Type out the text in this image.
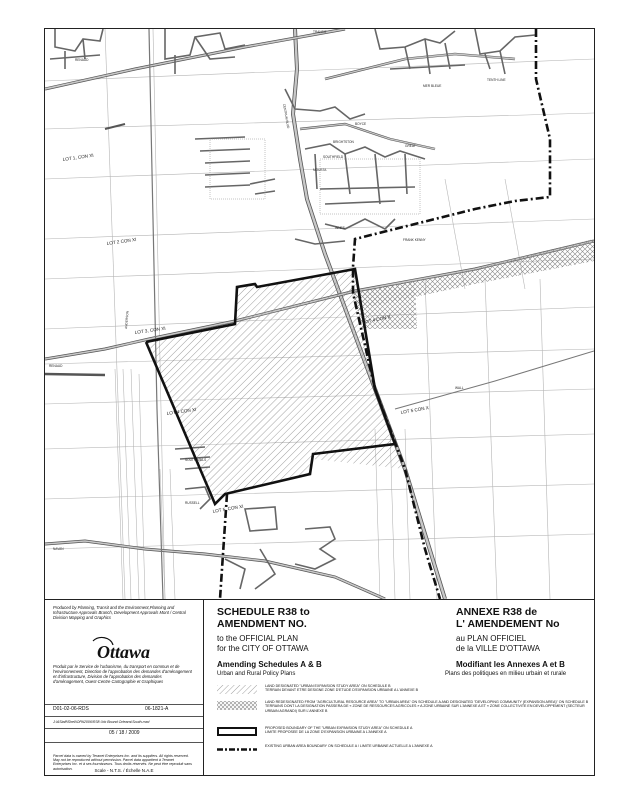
LOT 1, CON XI
LOT 2 CON XI
LOT 3, CON XI
LOT 4 CON XI
LOT 4 CON X
LOT 5 CON X
LOT 5, CON XI
TRANSIT
RENAUD
CENTRUM BLVD	BOYCE
BRIGHTSTON
SOUTHFIELD
MOUSTA
GREAT
INNES
FRANK KENNY
RENAUD
ANDERSON
SOUTH MILLS
NAVAN
TENTH LINE
MER BLEUE
RUSSELL
WALL
Produced by Planning, Transit and the Environment,Planning and Infrastructure Approvals Branch, Development Approvals Mont / Central Division Mapping and Graphics
Ottawa
Produit par le Service de l'urbanisme, du transport en commun et de l'environnement, Direction de l'approbation des demandes d'aménagement et d'infrastructure, Division de l'approbation des demandes d'aménagement, Ouest-Centre Cartographie et Graphiques
D01-02-06-RDS	06-1821-A
J:\AStaff\Shell\OPA2006\R38 Urb Bound Orleans\South.mxd
05 / 18 / 2009
Parcel data is owned by Teranet Enterprises Inc. and its suppliers. All rights reserved. May not be reproduced without permission. Parcel data appartient à Teranet Enterprises Inc. et à ses fournisseurs. Tous droits réservés. Ne peut être reproduit sans autorisation.	Scale - N.T.S. / Échelle N.A.E
SCHEDULE R38 to
AMENDMENT NO.
ANNEXE R38 de
L' AMENDEMENT No
to the OFFICIAL PLAN
for the CITY OF OTTAWA
au PLAN OFFICIEL
de la VILLE D'OTTAWA
Amending Schedules A & B
Urban and Rural Policy Plans
Modifiant les Annexes A et B
Plans des politiques en milieu urbain et rurale
LAND DESIGNATED "URBAN EXPANSION STUDY AREA" ON SCHEDULE B
TERRAIN DEVANT ETRE DESIGNE ZONE D'ETUDE D'EXPANSION URBAINE A L'ANNEXE B
LAND REDESIGNATED FROM "AGRICULTURAL RESOURCE AREA" TO "URBAN AREA" ON SCHEDULE A AND DESIGNATED "DEVELOPING COMMUNITY (EXPANSION AREA)" ON SCHEDULE B
TERRAINS DONT LA DESIGNATION PASSERA DE « ZONE DE RESSOURCES AGRICOLES » A ZONE URBAINE SUR L'ANNEXE A ET « ZONE COLLECTIVITE EN DEVELOPPEMENT (SECTEUR URBAIN AGRANDI) SUR L'ANNEXE B
PROPOSED BOUNDARY OF THE "URBAN EXPANSION STUDY AREA" ON SCHEDULE A
LIMITE PROPOSEE DE LA ZONE D'EXPANSION URBAINE A L'ANNEXE A
EXISTING URBAN AREA BOUNDARY ON SCHEDULE A / LIMITE URBAINE ACTUELLE A L'ANNEXE A
